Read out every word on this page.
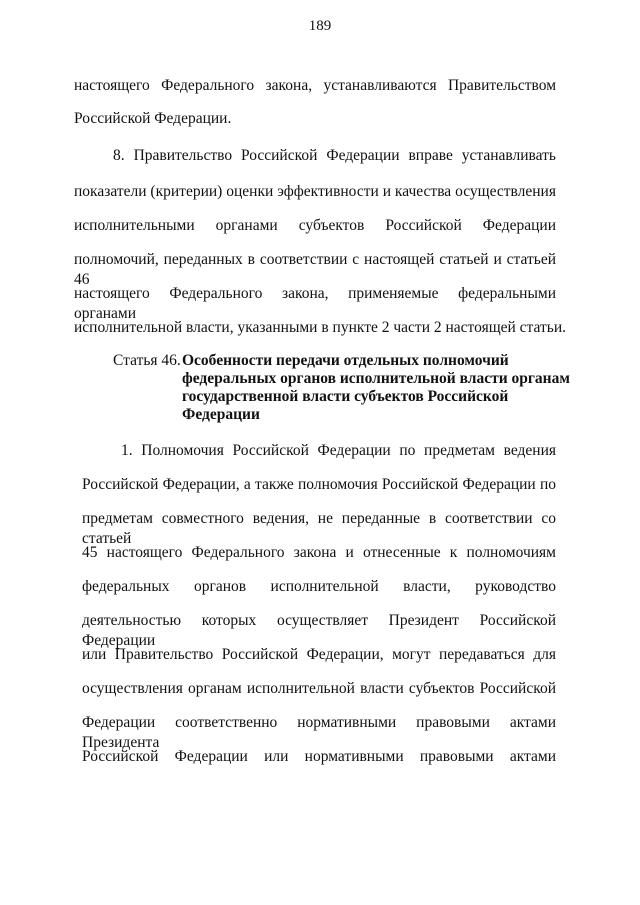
189
настоящего Федерального закона, устанавливаются Правительством
Российской Федерации.
8. Правительство Российской Федерации вправе устанавливать
показатели (критерии) оценки эффективности и качества осуществления
исполнительными органами субъектов Российской Федерации
полномочий, переданных в соответствии с настоящей статьей и статьей 46
настоящего Федерального закона, применяемые федеральными органами
исполнительной власти, указанными в пункте 2 части 2 настоящей статьи.
Статья 46. Особенности передачи отдельных полномочий
федеральных органов исполнительной власти органам
государственной власти субъектов Российской
Федерации
1. Полномочия Российской Федерации по предметам ведения
Российской Федерации, а также полномочия Российской Федерации по
предметам совместного ведения, не переданные в соответствии со статьей
45 настоящего Федерального закона и отнесенные к полномочиям
федеральных органов исполнительной власти, руководство
деятельностью которых осуществляет Президент Российской Федерации
или Правительство Российской Федерации, могут передаваться для
осуществления органам исполнительной власти субъектов Российской
Федерации соответственно нормативными правовыми актами Президента
Российской Федерации или нормативными правовыми актами
